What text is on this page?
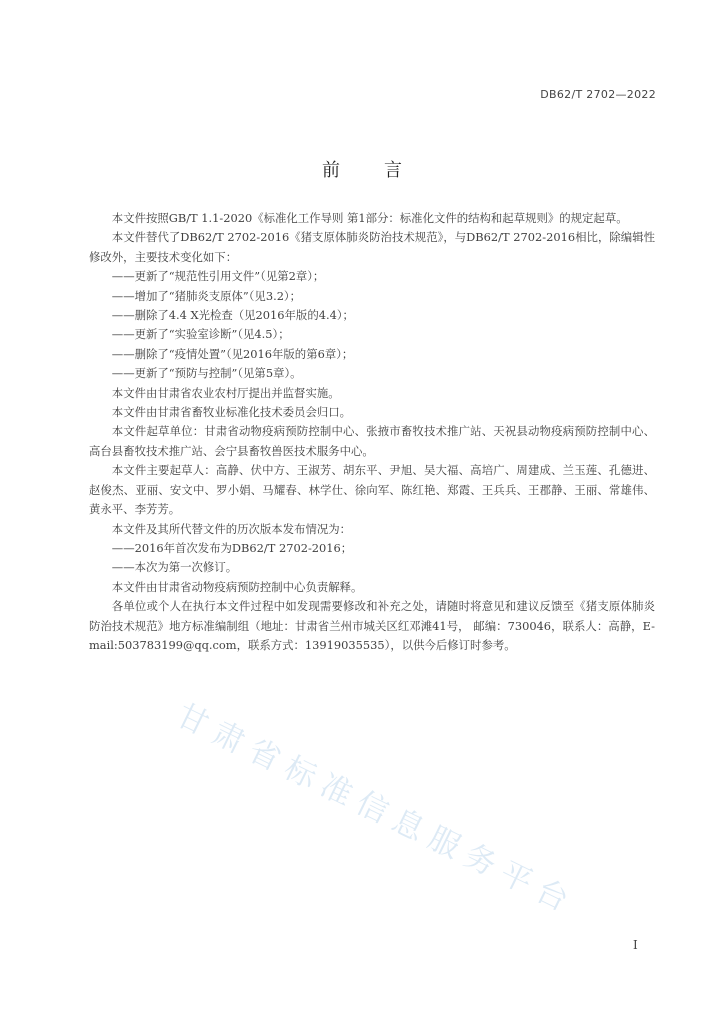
DB62/T 2702—2022
前言

本文件按照GB/T 1.1-2020《标准化工作导则 第1部分：标准化文件的结构和起草规则》的规定起草。

本文件替代了DB62/T 2702-2016《猪支原体肺炎防治技术规范》，与DB62/T 2702-2016相比，除编辑性修改外，主要技术变化如下：

——更新了“规范性引用文件”（见第2章）；

——增加了“猪肺炎支原体”（见3.2）；

——删除了4.4 X光检查（见2016年版的4.4）；

——更新了“实验室诊断”（见4.5）；

——删除了“疫情处置”（见2016年版的第6章）；

——更新了“预防与控制”（见第5章）。

本文件由甘肃省农业农村厅提出并监督实施。

本文件由甘肃省畜牧业标准化技术委员会归口。

本文件起草单位：甘肃省动物疫病预防控制中心、张掖市畜牧技术推广站、天祝县动物疫病预防控制中心、高台县畜牧技术推广站、会宁县畜牧兽医技术服务中心。

本文件主要起草人：高静、伏中方、王淑芳、胡东平、尹旭、吴大福、高培广、周建成、兰玉莲、孔德进、赵俊杰、亚丽、安文中、罗小娟、马耀春、林学仕、徐向军、陈红艳、郑霞、王兵兵、王郡静、王丽、常雄伟、黄永平、李芳芳。

本文件及其所代替文件的历次版本发布情况为：

——2016年首次发布为DB62/T 2702-2016；

——本次为第一次修订。

本文件由甘肃省动物疫病预防控制中心负责解释。

各单位或个人在执行本文件过程中如发现需要修改和补充之处，请随时将意见和建议反馈至《猪支原体肺炎防治技术规范》地方标准编制组（地址：甘肃省兰州市城关区红邓滩41号， 邮编：730046，联系人：高静，E-mail:503783199@qq.com，联系方式：13919035535），以供今后修订时参考。

甘肃省标准信息服务平台
I
